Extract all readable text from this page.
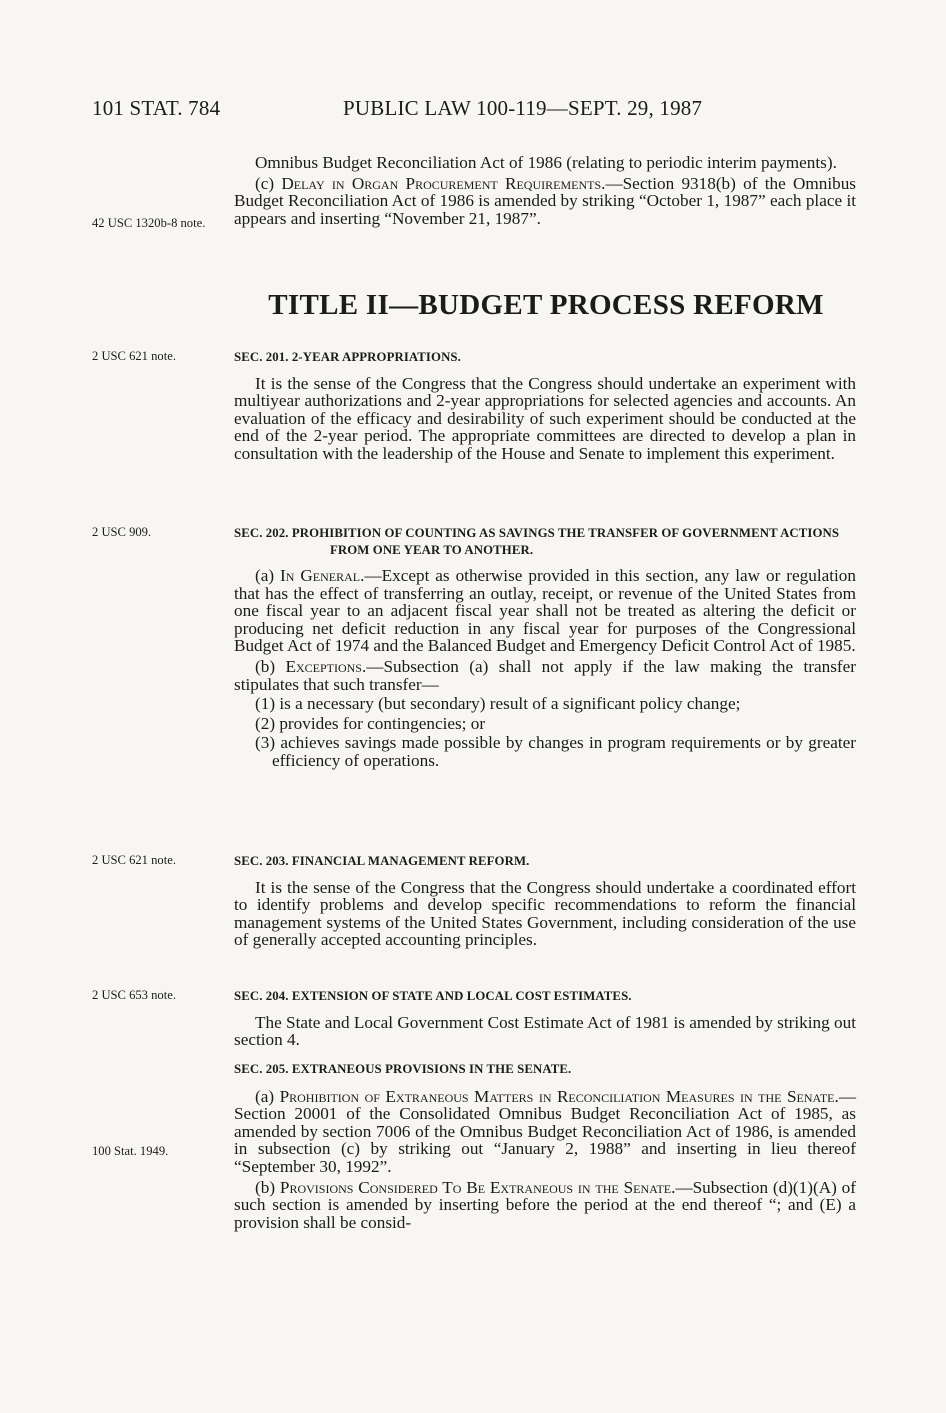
101 STAT. 784	PUBLIC LAW 100-119—SEPT. 29, 1987
42 USC 1320b-8 note.
2 USC 621 note.
2 USC 909.
2 USC 621 note.
2 USC 653 note.
100 Stat. 1949.

Omnibus Budget Reconciliation Act of 1986 (relating to periodic interim payments).

(c) Delay in Organ Procurement Requirements.—Section 9318(b) of the Omnibus Budget Reconciliation Act of 1986 is amended by striking “October 1, 1987” each place it appears and inserting “November 21, 1987”.

TITLE II—BUDGET PROCESS REFORM

SEC. 201. 2-YEAR APPROPRIATIONS.

It is the sense of the Congress that the Congress should undertake an experiment with multiyear authorizations and 2-year appropriations for selected agencies and accounts. An evaluation of the efficacy and desirability of such experiment should be conducted at the end of the 2-year period. The appropriate committees are directed to develop a plan in consultation with the leadership of the House and Senate to implement this experiment.

SEC. 202. PROHIBITION OF COUNTING AS SAVINGS THE TRANSFER OF GOVERNMENT ACTIONS FROM ONE YEAR TO ANOTHER.

(a) In General.—Except as otherwise provided in this section, any law or regulation that has the effect of transferring an outlay, receipt, or revenue of the United States from one fiscal year to an adjacent fiscal year shall not be treated as altering the deficit or producing net deficit reduction in any fiscal year for purposes of the Congressional Budget Act of 1974 and the Balanced Budget and Emergency Deficit Control Act of 1985.

(b) Exceptions.—Subsection (a) shall not apply if the law making the transfer stipulates that such transfer—

(1) is a necessary (but secondary) result of a significant policy change;

(2) provides for contingencies; or

(3) achieves savings made possible by changes in program requirements or by greater efficiency of operations.

SEC. 203. FINANCIAL MANAGEMENT REFORM.

It is the sense of the Congress that the Congress should undertake a coordinated effort to identify problems and develop specific recommendations to reform the financial management systems of the United States Government, including consideration of the use of generally accepted accounting principles.

SEC. 204. EXTENSION OF STATE AND LOCAL COST ESTIMATES.

The State and Local Government Cost Estimate Act of 1981 is amended by striking out section 4.

SEC. 205. EXTRANEOUS PROVISIONS IN THE SENATE.

(a) Prohibition of Extraneous Matters in Reconciliation Measures in the Senate.—Section 20001 of the Consolidated Omnibus Budget Reconciliation Act of 1985, as amended by section 7006 of the Omnibus Budget Reconciliation Act of 1986, is amended in subsection (c) by striking out “January 2, 1988” and inserting in lieu thereof “September 30, 1992”.

(b) Provisions Considered To Be Extraneous in the Senate.—Subsection (d)(1)(A) of such section is amended by inserting before the period at the end thereof “; and (E) a provision shall be consid-
